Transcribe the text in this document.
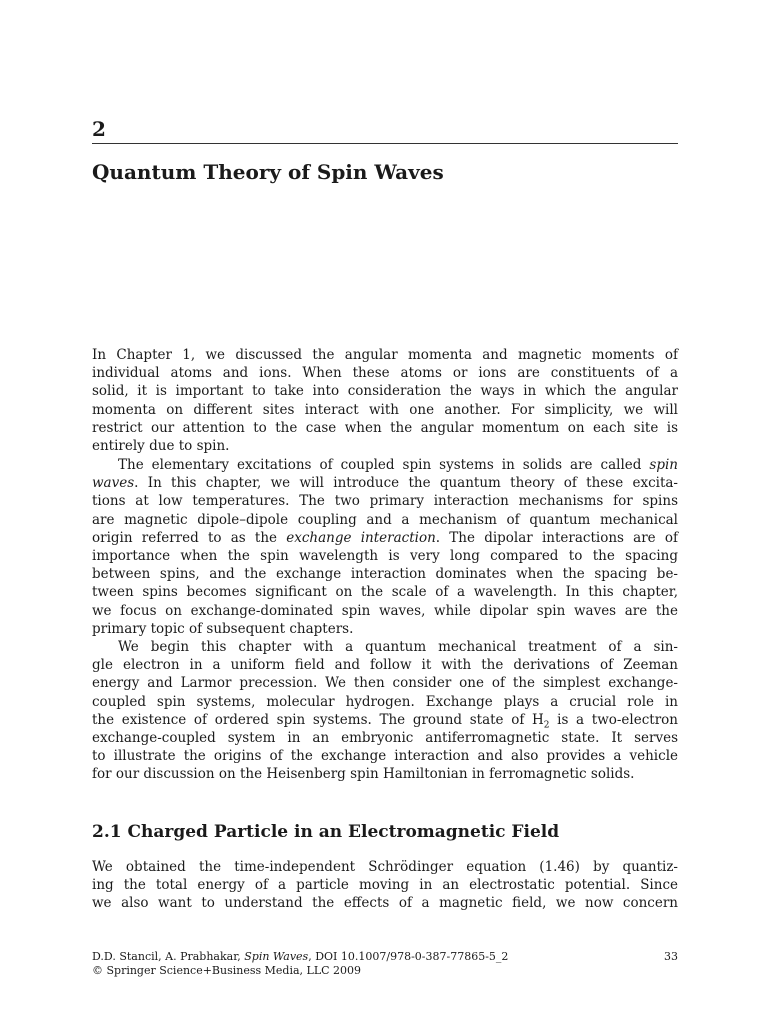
2
Quantum Theory of Spin Waves
In Chapter 1, we discussed the angular momenta and magnetic moments of
individual atoms and ions. When these atoms or ions are constituents of a
solid, it is important to take into consideration the ways in which the angular
momenta on different sites interact with one another. For simplicity, we will
restrict our attention to the case when the angular momentum on each site is
entirely due to spin.
The elementary excitations of coupled spin systems in solids are called spin
waves. In this chapter, we will introduce the quantum theory of these excita-
tions at low temperatures. The two primary interaction mechanisms for spins
are magnetic dipole–dipole coupling and a mechanism of quantum mechanical
origin referred to as the exchange interaction. The dipolar interactions are of
importance when the spin wavelength is very long compared to the spacing
between spins, and the exchange interaction dominates when the spacing be-
tween spins becomes significant on the scale of a wavelength. In this chapter,
we focus on exchange-dominated spin waves, while dipolar spin waves are the
primary topic of subsequent chapters.
We begin this chapter with a quantum mechanical treatment of a sin-
gle electron in a uniform field and follow it with the derivations of Zeeman
energy and Larmor precession. We then consider one of the simplest exchange-
coupled spin systems, molecular hydrogen. Exchange plays a crucial role in
the existence of ordered spin systems. The ground state of $H_2$ is a two-electron
exchange-coupled system in an embryonic antiferromagnetic state. It serves
to illustrate the origins of the exchange interaction and also provides a vehicle
for our discussion on the Heisenberg spin Hamiltonian in ferromagnetic solids.
2.1 Charged Particle in an Electromagnetic Field
We obtained the time-independent Schrödinger equation (1.46) by quantiz-
ing the total energy of a particle moving in an electrostatic potential. Since
we also want to understand the effects of a magnetic field, we now concern
D.D. Stancil, A. Prabhakar, Spin Waves, DOI 10.1007/978-0-387-77865-5_2	33
© Springer Science+Business Media, LLC 2009
